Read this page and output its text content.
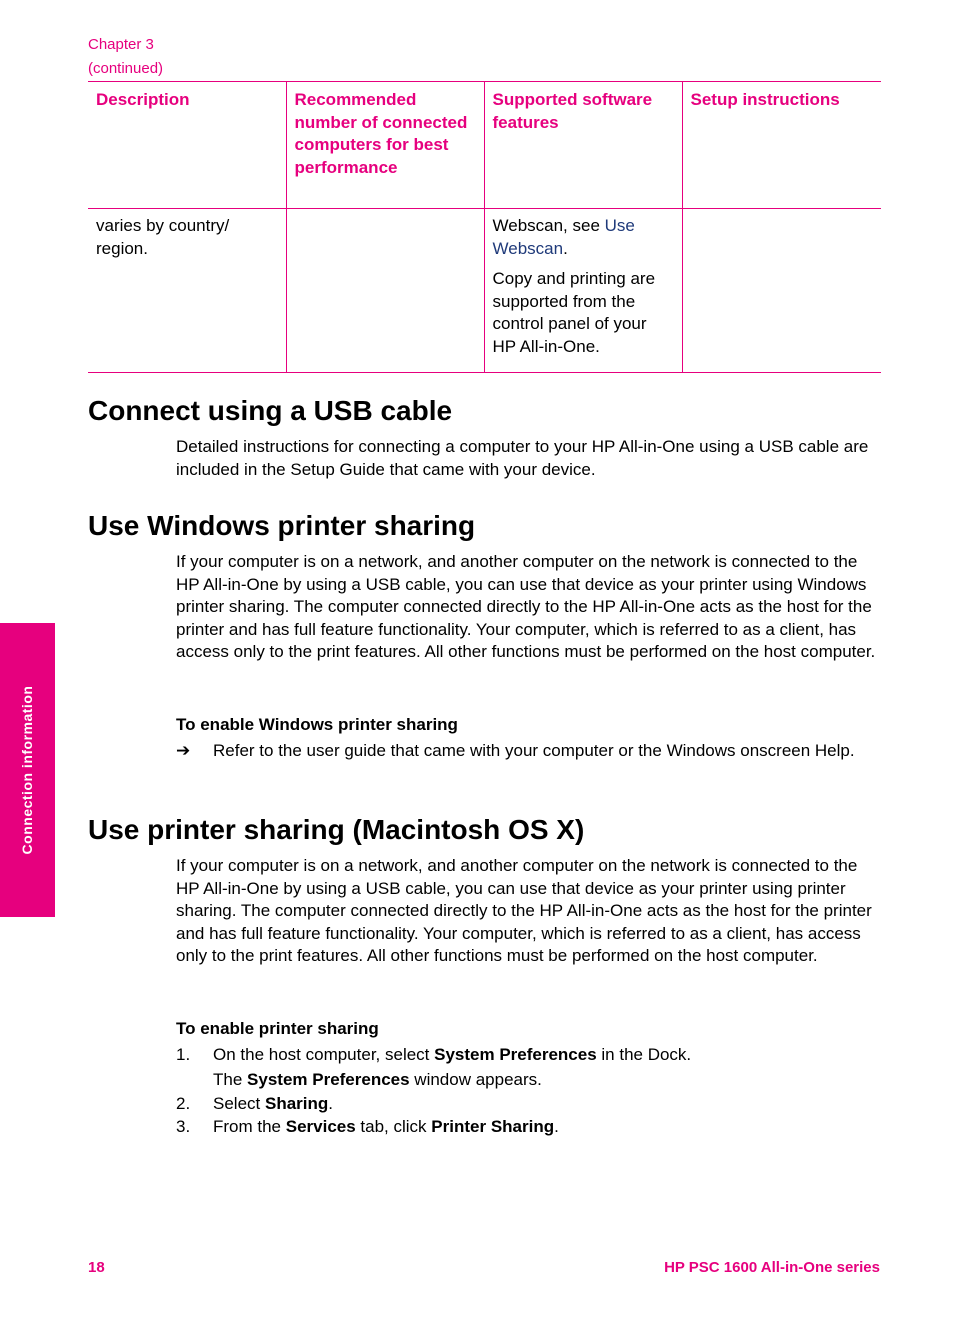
Chapter 3
(continued)
Description	Recommended number of connected computers for best performance	Supported software features	Setup instructions
varies by country/ region.		Webscan, see Use Webscan.

Copy and printing are supported from the control panel of your HP All-in-One.	

Connect using a USB cable

Detailed instructions for connecting a computer to your HP All-in-One using a USB cable are included in the Setup Guide that came with your device.

Use Windows printer sharing

If your computer is on a network, and another computer on the network is connected to the HP All-in-One by using a USB cable, you can use that device as your printer using Windows printer sharing. The computer connected directly to the HP All-in-One acts as the host for the printer and has full feature functionality. Your computer, which is referred to as a client, has access only to the print features. All other functions must be performed on the host computer.

To enable Windows printer sharing
➔ Refer to the user guide that came with your computer or the Windows onscreen Help.
Use printer sharing (Macintosh OS X)

If your computer is on a network, and another computer on the network is connected to the HP All-in-One by using a USB cable, you can use that device as your printer using printer sharing. The computer connected directly to the HP All-in-One acts as the host for the printer and has full feature functionality. Your computer, which is referred to as a client, has access only to the print features. All other functions must be performed on the host computer.

To enable printer sharing
1. On the host computer, select System Preferences in the Dock.
The System Preferences window appears.
2. Select Sharing.
3. From the Services tab, click Printer Sharing.
Connection information
18	HP PSC 1600 All-in-One series
